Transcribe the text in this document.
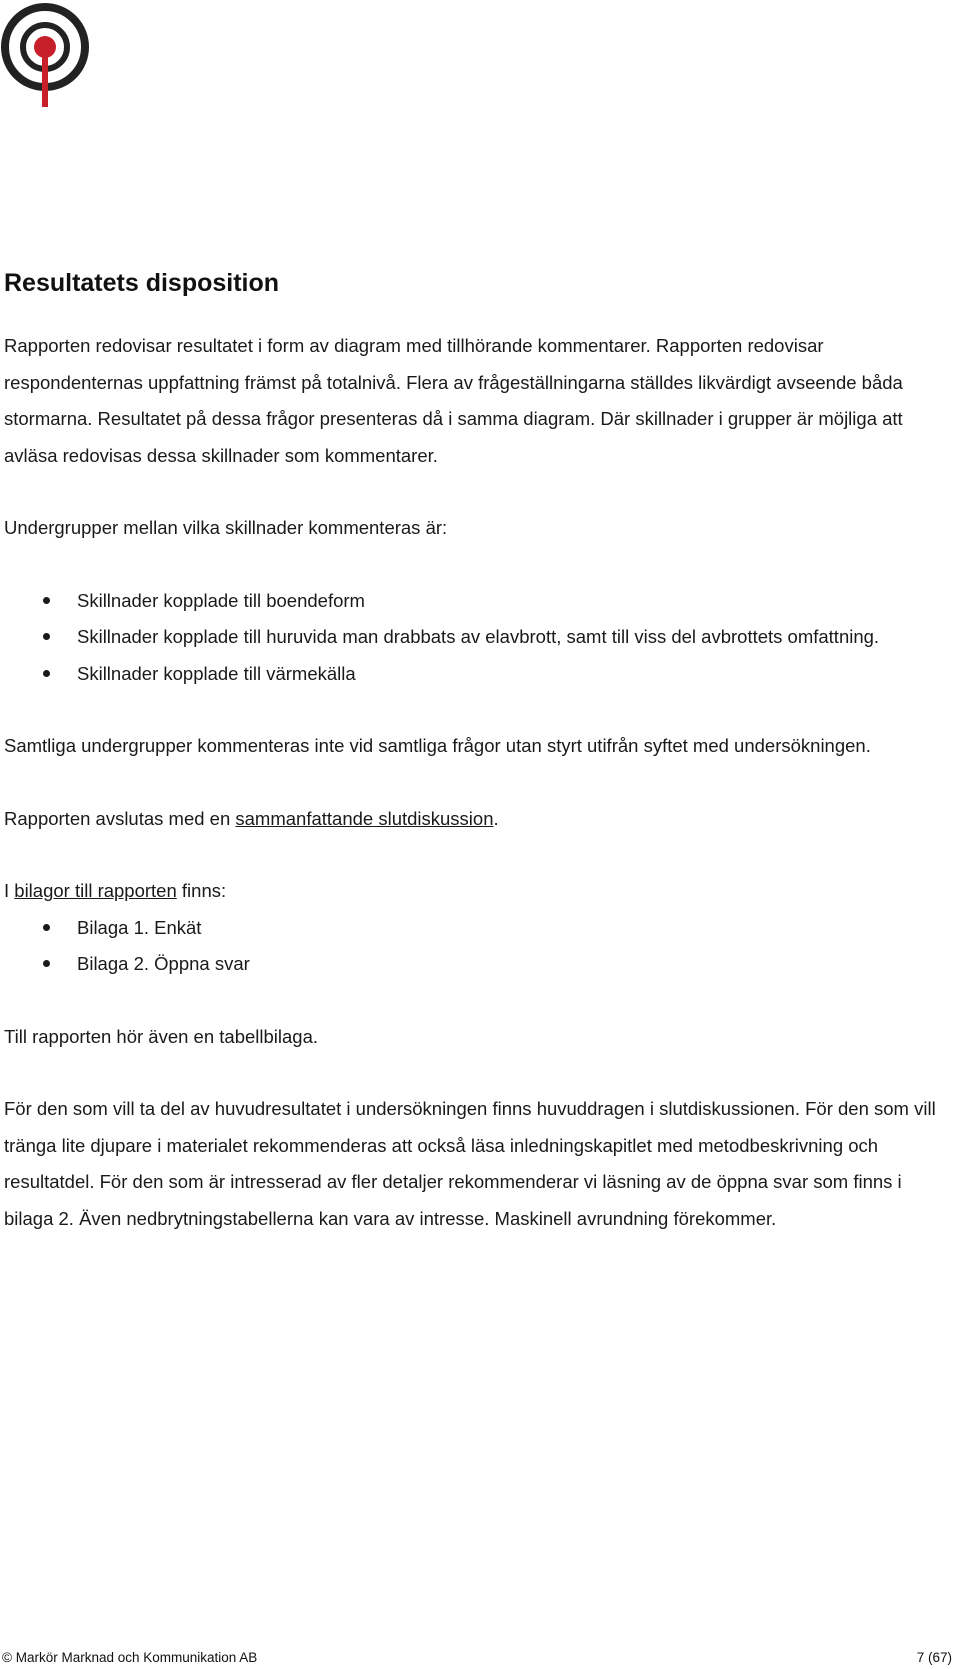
Resultatets disposition

Rapporten redovisar resultatet i form av diagram med tillhörande kommentarer. Rapporten redovisar respondenternas uppfattning främst på totalnivå. Flera av frågeställningarna ställdes likvärdigt avseende båda stormarna. Resultatet på dessa frågor presenteras då i samma diagram. Där skillnader i grupper är möjliga att avläsa redovisas dessa skillnader som kommentarer.

Undergrupper mellan vilka skillnader kommenteras är:

Skillnader kopplade till boendeform
Skillnader kopplade till huruvida man drabbats av elavbrott, samt till viss del avbrottets omfattning.
Skillnader kopplade till värmekälla

Samtliga undergrupper kommenteras inte vid samtliga frågor utan styrt utifrån syftet med undersökningen.

Rapporten avslutas med en sammanfattande slutdiskussion.

I bilagor till rapporten finns:

Bilaga 1. Enkät
Bilaga 2. Öppna svar

Till rapporten hör även en tabellbilaga.

För den som vill ta del av huvudresultatet i undersökningen finns huvuddragen i slutdiskussionen. För den som vill tränga lite djupare i materialet rekommenderas att också läsa inledningskapitlet med metodbeskrivning och resultatdel. För den som är intresserad av fler detaljer rekommenderar vi läsning av de öppna svar som finns i bilaga 2. Även nedbrytningstabellerna kan vara av intresse. Maskinell avrundning förekommer.

© Markör Marknad och Kommunikation AB	7 (67)
